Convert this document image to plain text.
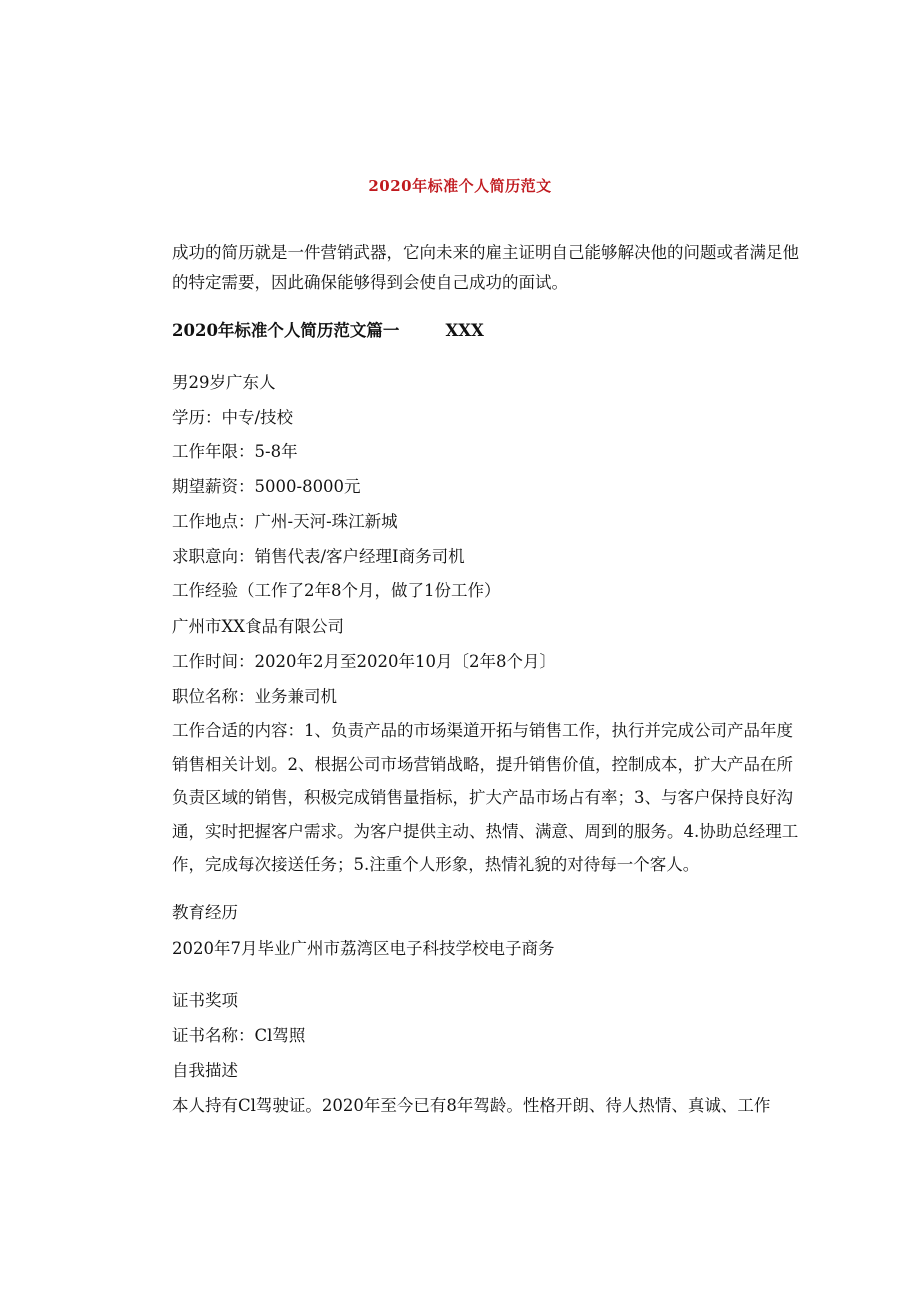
2020年标准个人简历范文

成功的简历就是一件营销武器，它向未来的雇主证明自己能够解决他的问题或者满足他的特定需要，因此确保能够得到会使自己成功的面试。

2020年标准个人简历范文篇一	XXX
男29岁广东人
学历：中专/技校
工作年限：5-8年
期望薪资：5000-8000元
工作地点：广州-天河-珠江新城
求职意向：销售代表/客户经理I商务司机
工作经验（工作了2年8个月，做了1份工作）
广州市XX食品有限公司
工作时间：2020年2月至2020年10月〔2年8个月〕
职位名称：业务兼司机

工作合适的内容：1、负责产品的市场渠道开拓与销售工作，执行并完成公司产品年度销售相关计划。2、根据公司市场营销战略，提升销售价值，控制成本，扩大产品在所负责区域的销售，积极完成销售量指标，扩大产品市场占有率；3、与客户保持良好沟通，实时把握客户需求。为客户提供主动、热情、满意、周到的服务。4.协助总经理工作，完成每次接送任务；5.注重个人形象，热情礼貌的对待每一个客人。

教育经历
2020年7月毕业广州市荔湾区电子科技学校电子商务
证书奖项
证书名称：Cl驾照
自我描述
本人持有Cl驾驶证。2020年至今已有8年驾龄。性格开朗、待人热情、真诚、工作
